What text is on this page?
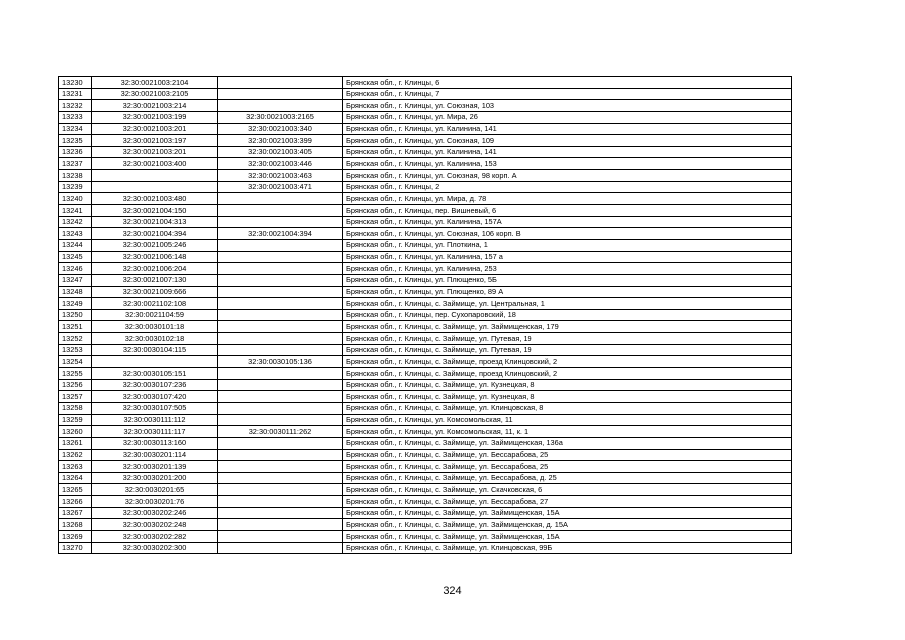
13230	32:30:0021003:2104		Брянская обл., г. Клинцы, 6
13231	32:30:0021003:2105		Брянская обл., г. Клинцы, 7
13232	32:30:0021003:214		Брянская обл., г. Клинцы, ул. Союзная, 103
13233	32:30:0021003:199	32:30:0021003:2165	Брянская обл., г. Клинцы, ул. Мира, 26
13234	32:30:0021003:201	32:30:0021003:340	Брянская обл., г. Клинцы, ул. Калинина, 141
13235	32:30:0021003:197	32:30:0021003:399	Брянская обл., г. Клинцы, ул. Союзная, 109
13236	32:30:0021003:201	32:30:0021003:405	Брянская обл., г. Клинцы, ул. Калинина, 141
13237	32:30:0021003:400	32:30:0021003:446	Брянская обл., г. Клинцы, ул. Калинина, 153
13238		32:30:0021003:463	Брянская обл., г. Клинцы, ул. Союзная, 98 корп. А
13239		32:30:0021003:471	Брянская обл., г. Клинцы, 2
13240	32:30:0021003:480		Брянская обл., г. Клинцы, ул. Мира, д. 78
13241	32:30:0021004:150		Брянская обл., г. Клинцы, пер. Вишневый, 6
13242	32:30:0021004:313		Брянская обл., г. Клинцы, ул. Калинина, 157А
13243	32:30:0021004:394	32:30:0021004:394	Брянская обл., г. Клинцы, ул. Союзная, 106 корп. В
13244	32:30:0021005:246		Брянская обл., г. Клинцы, ул. Плоткина, 1
13245	32:30:0021006:148		Брянская обл., г. Клинцы, ул. Калинина, 157 а
13246	32:30:0021006:204		Брянская обл., г. Клинцы, ул. Калинина, 253
13247	32:30:0021007:130		Брянская обл., г. Клинцы, ул. Плющенко, 5Б
13248	32:30:0021009:666		Брянская обл., г. Клинцы, ул. Плющенко, 89 А
13249	32:30:0021102:108		Брянская обл., г. Клинцы, с. Займище, ул. Центральная, 1
13250	32:30:0021104:59		Брянская обл., г. Клинцы, пер. Сухопаровский, 18
13251	32:30:0030101:18		Брянская обл., г. Клинцы, с. Займище, ул. Займищенская, 179
13252	32:30:0030102:18		Брянская обл., г. Клинцы, с. Займище, ул. Путевая, 19
13253	32:30:0030104:115		Брянская обл., г. Клинцы, с. Займище, ул. Путевая, 19
13254		32:30:0030105:136	Брянская обл., г. Клинцы, с. Займище, проезд Клинцовский, 2
13255	32:30:0030105:151		Брянская обл., г. Клинцы, с. Займище, проезд Клинцовский, 2
13256	32:30:0030107:236		Брянская обл., г. Клинцы, с. Займище, ул. Кузнецкая, 8
13257	32:30:0030107:420		Брянская обл., г. Клинцы, с. Займище, ул. Кузнецкая, 8
13258	32:30:0030107:505		Брянская обл., г. Клинцы, с. Займище, ул. Клинцовская, 8
13259	32:30:0030111:112		Брянская обл., г. Клинцы, ул. Комсомольская, 11
13260	32:30:0030111:117	32:30:0030111:262	Брянская обл., г. Клинцы, ул. Комсомольская, 11, к. 1
13261	32:30:0030113:160		Брянская обл., г. Клинцы, с. Займище, ул. Займищенская, 136а
13262	32:30:0030201:114		Брянская обл., г. Клинцы, с. Займище, ул. Бессарабова, 25
13263	32:30:0030201:139		Брянская обл., г. Клинцы, с. Займище, ул. Бессарабова, 25
13264	32:30:0030201:200		Брянская обл., г. Клинцы, с. Займище, ул. Бессарабова, д. 25
13265	32:30:0030201:65		Брянская обл., г. Клинцы, с. Займище, ул. Скачковская, 6
13266	32:30:0030201:76		Брянская обл., г. Клинцы, с. Займище, ул. Бессарабова, 27
13267	32:30:0030202:246		Брянская обл., г. Клинцы, с. Займище, ул. Займищенская, 15А
13268	32:30:0030202:248		Брянская обл., г. Клинцы, с. Займище, ул. Займищенская, д. 15А
13269	32:30:0030202:282		Брянская обл., г. Клинцы, с. Займище, ул. Займищенская, 15А
13270	32:30:0030202:300		Брянская обл., г. Клинцы, с. Займище, ул. Клинцовская, 99Б
324
